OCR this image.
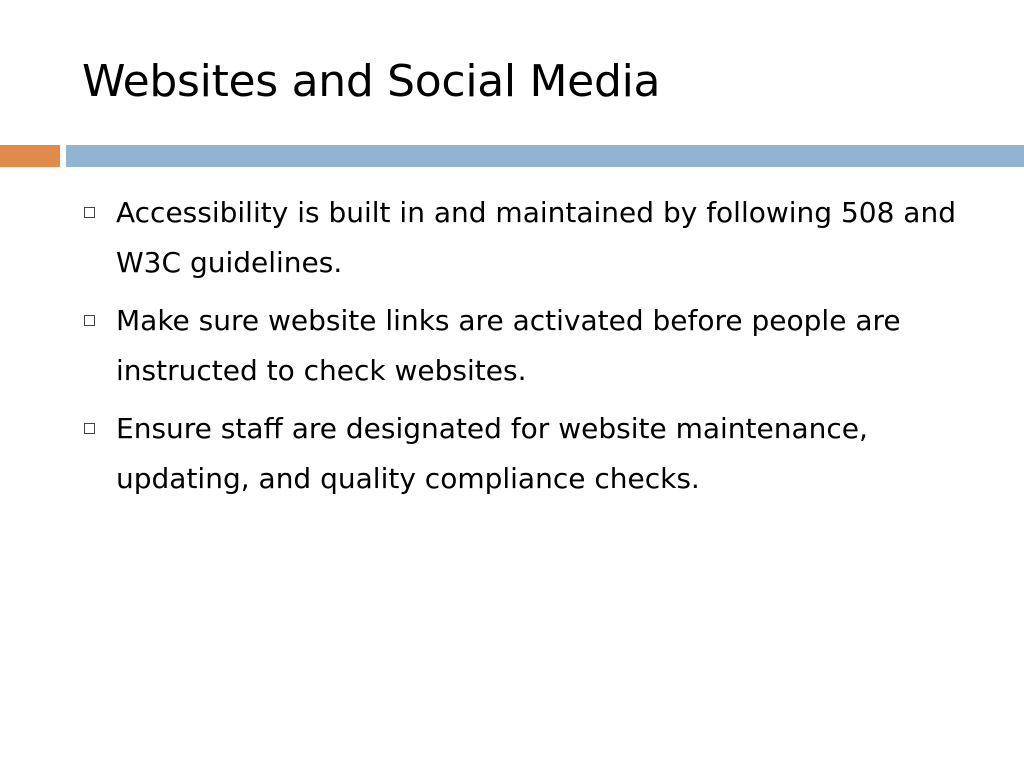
Websites and Social Media
Accessibility is built in and maintained by following 508 and W3C guidelines.
Make sure website links are activated before people are instructed to check websites.
Ensure staff are designated for website maintenance, updating, and quality compliance checks.
